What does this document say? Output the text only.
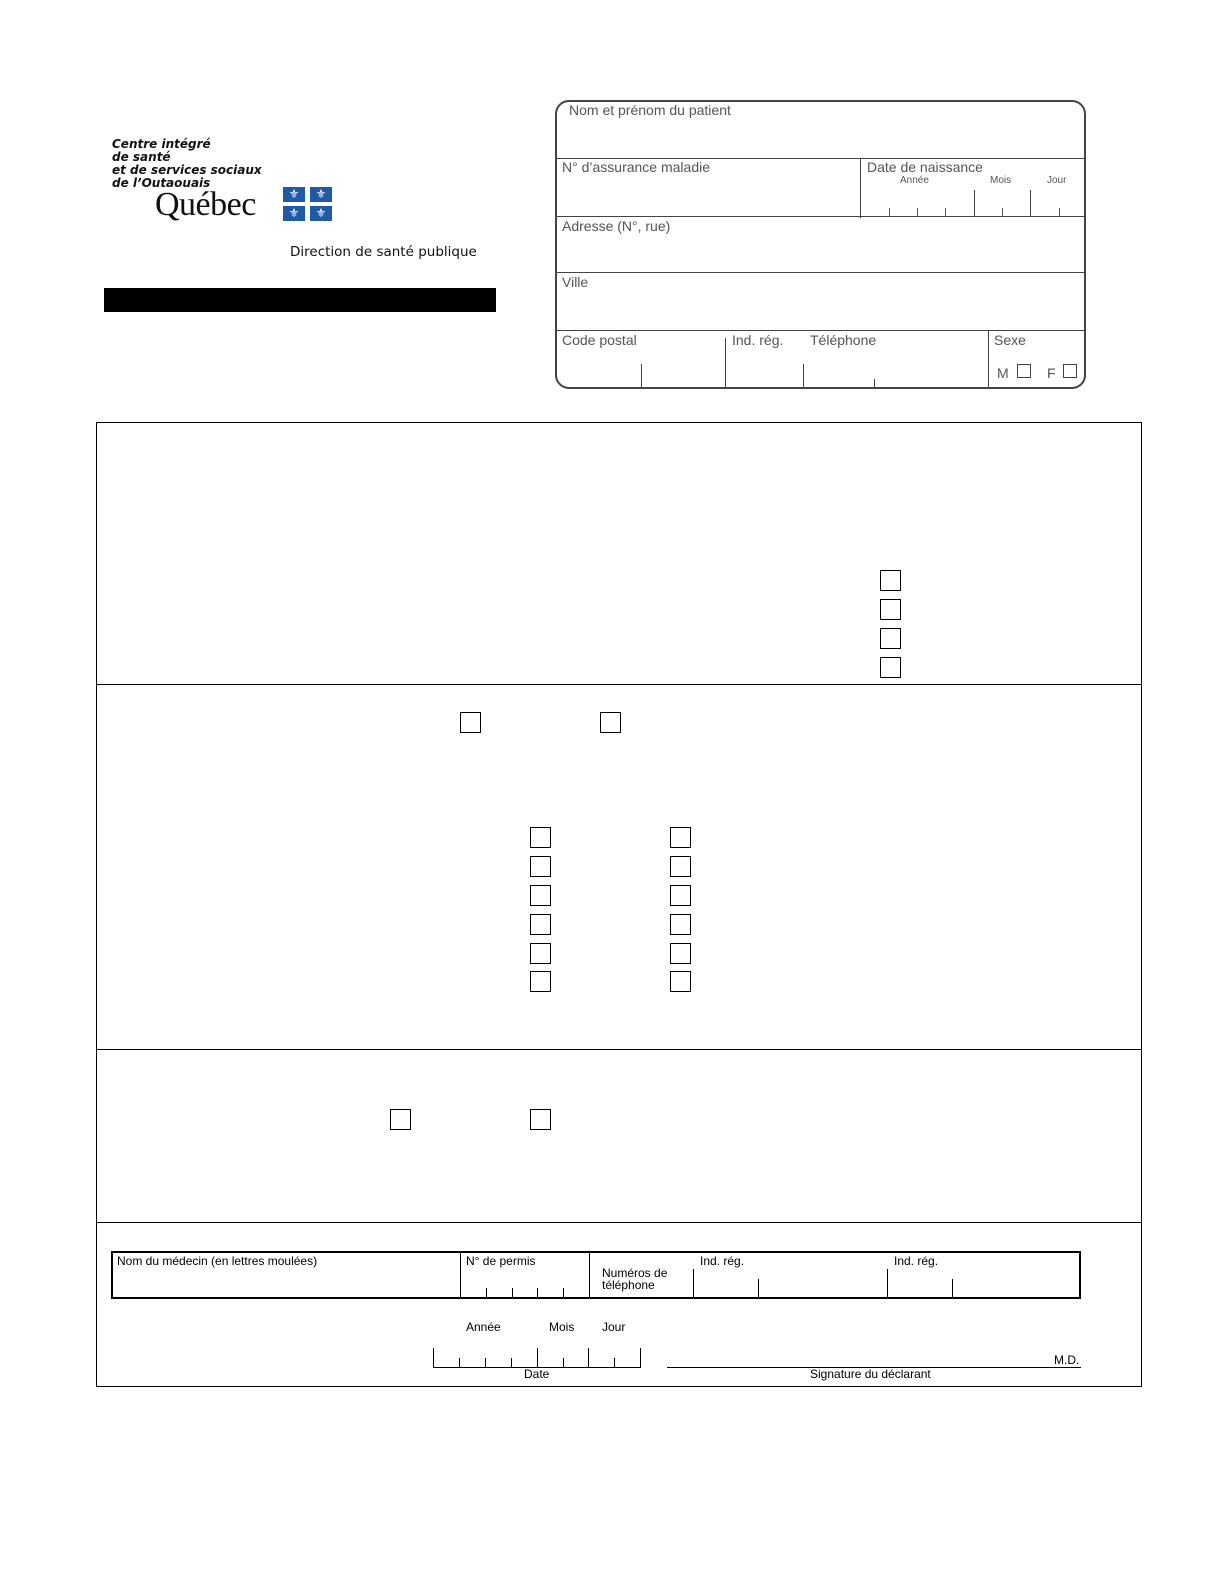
Centre intégré
de santé
et de services sociaux
de l’Outaouais
Québec	⚜	⚜
⚜	⚜
Direction de santé publique
Nom et prénom du patient
N° d’assurance maladie	Date de naissance
Année	Mois	Jour
Adresse (N°, rue)
Ville
Code postal	Ind. rég. Téléphone	Sexe
M	F
Nom du médecin (en lettres moulées)	N° de permis
Numéros de
téléphone
Ind. rég.	Ind. rég.
Année	Mois Jour
Date	Signature du déclarant
M.D.
